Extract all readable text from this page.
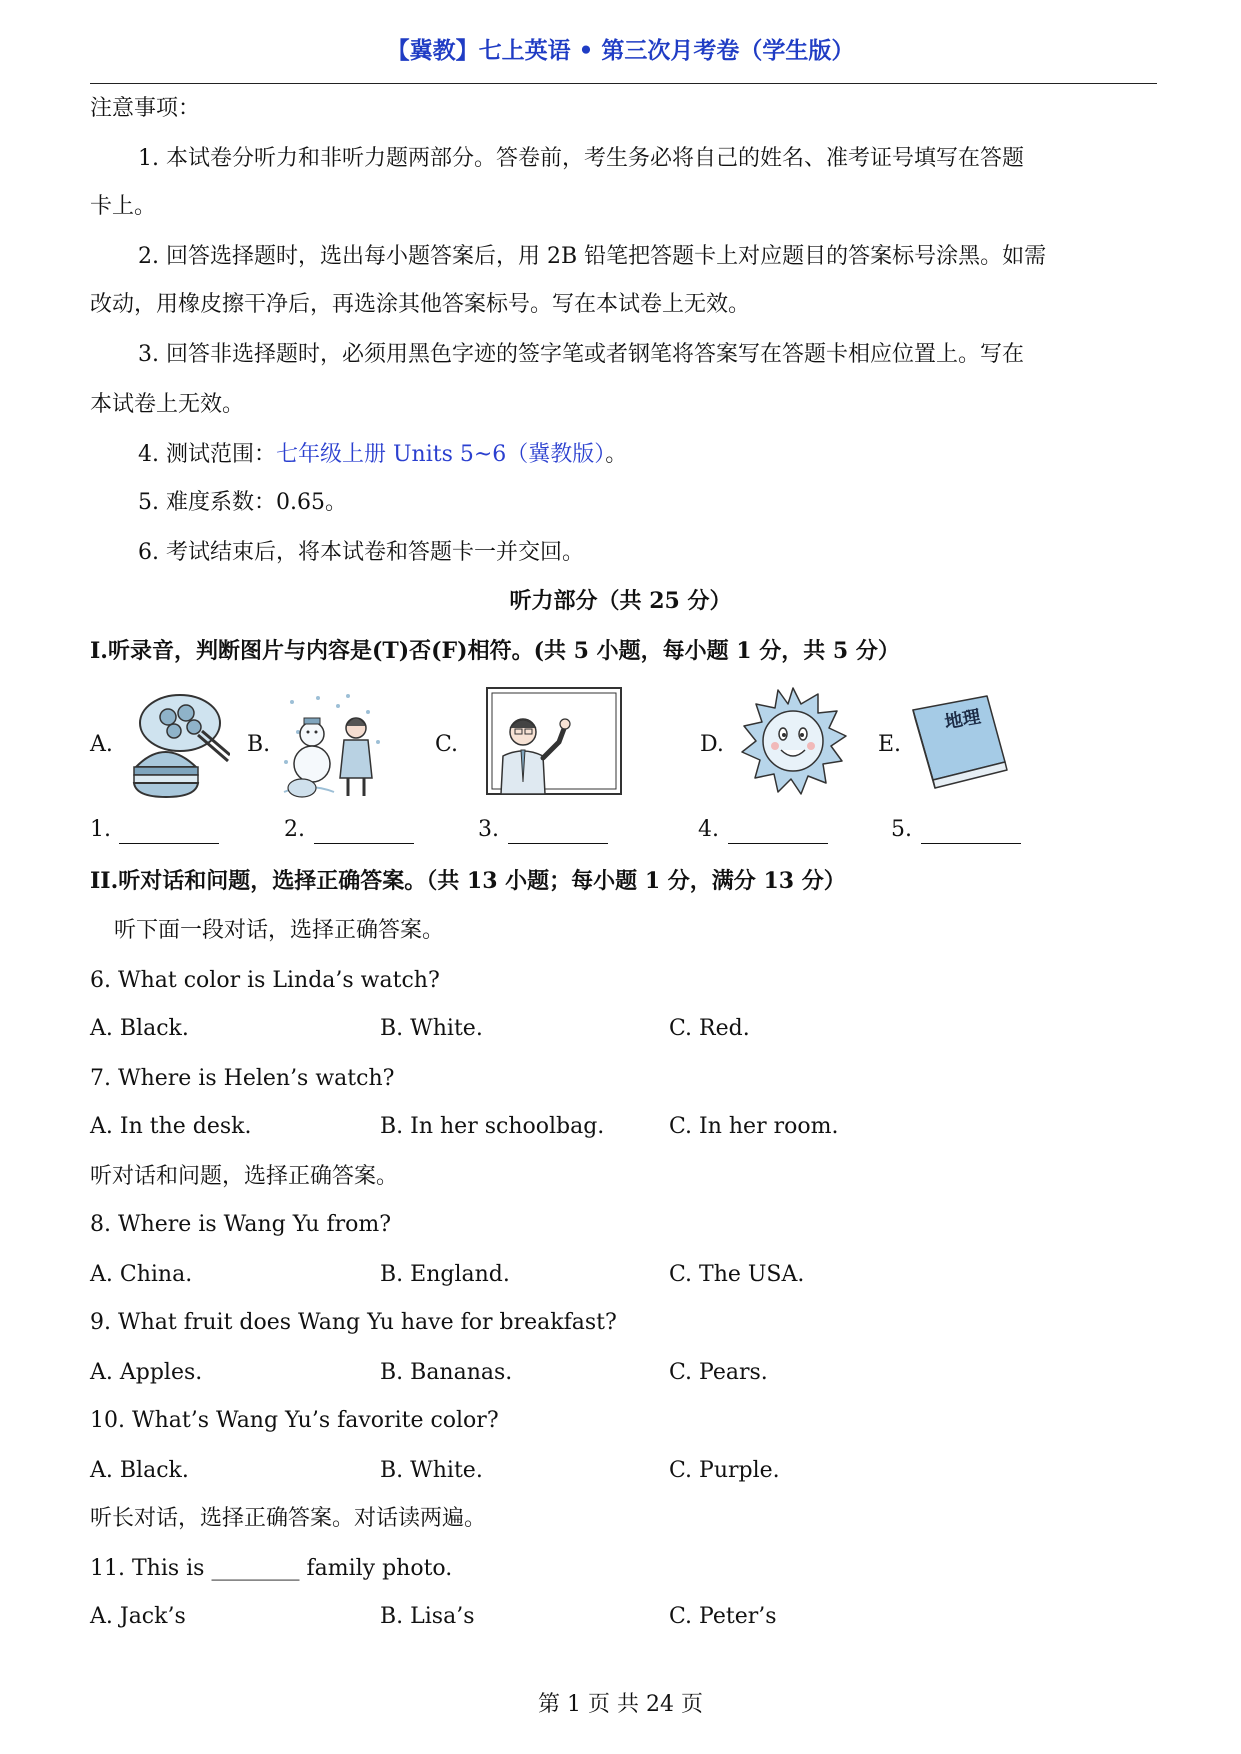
【冀教】七上英语 • 第三次月考卷（学生版）
注意事项：
1. 本试卷分听力和非听力题两部分。答卷前，考生务必将自己的姓名、准考证号填写在答题
卡上。
2. 回答选择题时，选出每小题答案后，用 2B 铅笔把答题卡上对应题目的答案标号涂黑。如需
改动，用橡皮擦干净后，再选涂其他答案标号。写在本试卷上无效。
3. 回答非选择题时，必须用黑色字迹的签字笔或者钢笔将答案写在答题卡相应位置上。写在
本试卷上无效。
4. 测试范围：七年级上册 Units 5~6（冀教版）。
5. 难度系数：0.65。
6. 考试结束后，将本试卷和答题卡一并交回。
听力部分（共 25 分）
I.听录音，判断图片与内容是(T)否(F)相符。(共 5 小题，每小题 1 分，共 5 分）
A.	B.	C.	D.	E.
地理
1.	2.	3.	4.	5.
II.听对话和问题，选择正确答案。（共 13 小题；每小题 1 分，满分 13 分）
听下面一段对话，选择正确答案。
6. What color is Linda’s watch?
A. Black.	B. White.	C. Red.
7. Where is Helen’s watch?
A. In the desk.	B. In her schoolbag.	C. In her room.
听对话和问题，选择正确答案。
8. Where is Wang Yu from?
A. China.	B. England.	C. The USA.
9. What fruit does Wang Yu have for breakfast?
A. Apples.	B. Bananas.	C. Pears.
10. What’s Wang Yu’s favorite color?
A. Black.	B. White.	C. Purple.
听长对话，选择正确答案。对话读两遍。
11. This is ________ family photo.
A. Jack’s	B. Lisa’s	C. Peter’s
第 1 页 共 24 页
